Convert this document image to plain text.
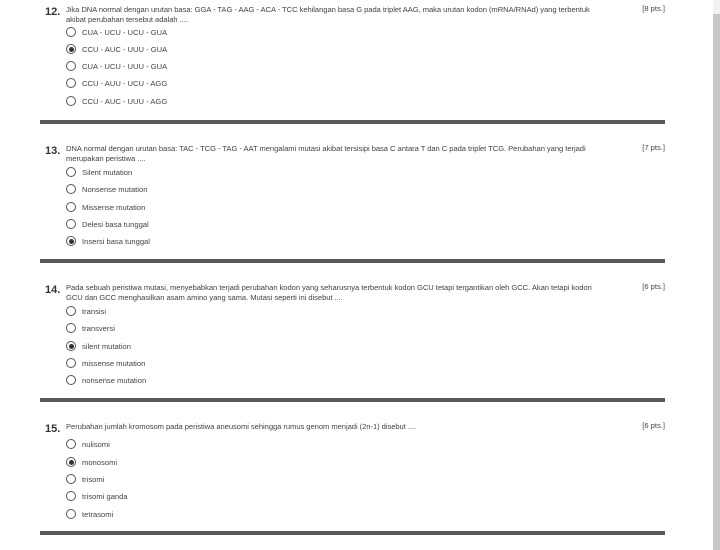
12. Jika DNA normal dengan urutan basa: GGA - TAG - AAG - ACA - TCC kehilangan basa G pada triplet AAG, maka urutan kodon (mRNA/RNAd) yang terbentuk akibat perubahan tersebut adalah ....
[8 pts.]
CUA - UCU - UCU - GUA
CCU - AUC - UUU - GUA
CUA - UCU - UUU - GUA
CCU - AUU - UCU - AGG
CCU - AUC - UUU - AGG
13. DNA normal dengan urutan basa: TAC - TCG - TAG - AAT mengalami mutasi akibat tersisipi basa C antara T dan C pada triplet TCG. Perubahan yang terjadi merupakan peristiwa ....
[7 pts.]
Silent mutation
Nonsense mutation
Missense mutation
Delesi basa tunggal
Insersi basa tunggal
14. Pada sebuah peristiwa mutasi, menyebabkan terjadi perubahan kodon yang seharusnya terbentuk kodon GCU tetapi tergantikan oleh GCC. Akan tetapi kodon GCU dan GCC menghasilkan asam amino yang sama. Mutasi seperti ini disebut ....
[6 pts.]
transisi
transversi
silent mutation
missense mutation
nonsense mutation
15. Perubahan jumlah kromosom pada peristiwa aneusomi sehingga rumus genom menjadi (2n-1) disebut ....	[6 pts.]
nulisomi
monosomi
trisomi
trisomi ganda
tetrasomi
